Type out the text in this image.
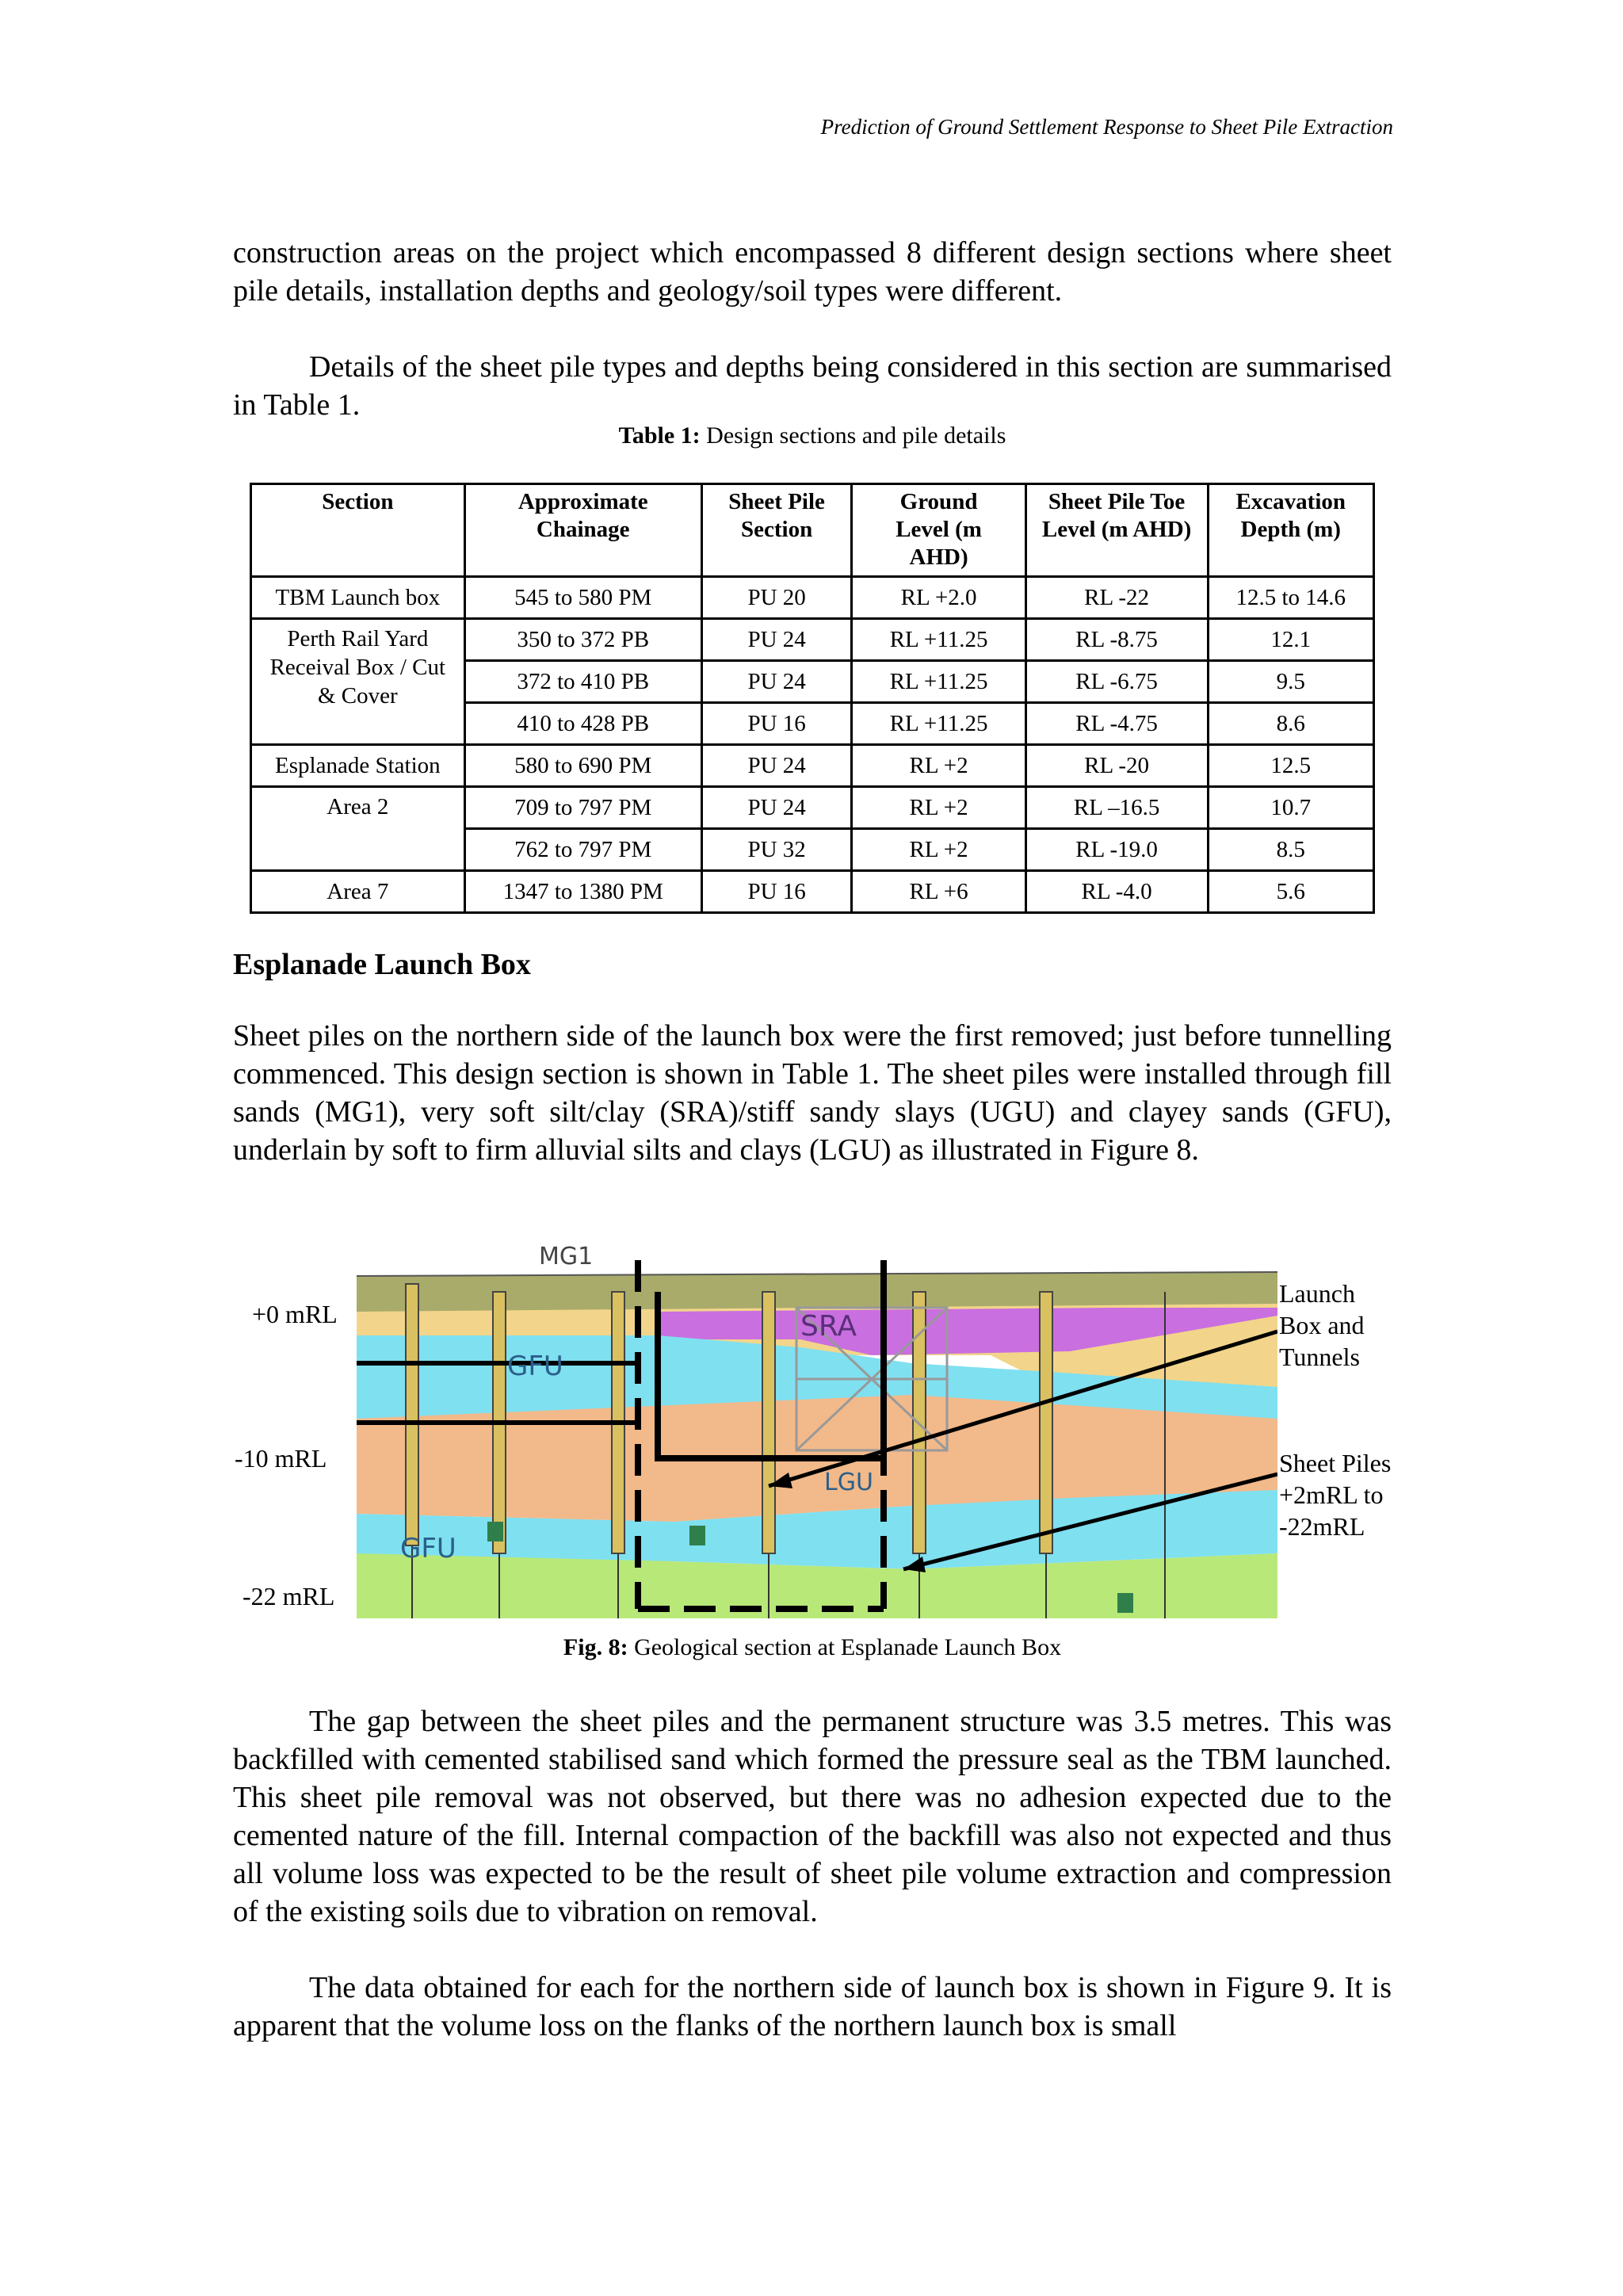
Prediction of Ground Settlement Response to Sheet Pile Extraction

construction areas on the project which encompassed 8 different design sections where sheet pile details, installation depths and geology/soil types were different.

Details of the sheet pile types and depths being considered in this section are summarised in Table 1.

Table 1: Design sections and pile details
Section	Approximate Chainage	Sheet Pile Section	Ground Level (m AHD)	Sheet Pile Toe Level (m AHD)	Excavation Depth (m)
TBM Launch box	545 to 580 PM	PU 20	RL +2.0	RL -22	12.5 to 14.6
Perth Rail Yard Receival Box / Cut & Cover	350 to 372 PB	PU 24	RL +11.25	RL -8.75	12.1
	372 to 410 PB	PU 24	RL +11.25	RL -6.75	9.5
	410 to 428 PB	PU 16	RL +11.25	RL -4.75	8.6
Esplanade Station	580 to 690 PM	PU 24	RL +2	RL -20	12.5
Area 2	709 to 797 PM	PU 24	RL +2	RL –16.5	10.7
	762 to 797 PM	PU 32	RL +2	RL -19.0	8.5
Area 7	1347 to 1380 PM	PU 16	RL +6	RL -4.0	5.6
Esplanade Launch Box

Sheet piles on the northern side of the launch box were the first removed; just before tunnelling commenced. This design section is shown in Table 1. The sheet piles were installed through fill sands (MG1), very soft silt/clay (SRA)/stiff sandy slays (UGU) and clayey sands (GFU), underlain by soft to firm alluvial silts and clays (LGU) as illustrated in Figure 8.

+0 mRL
-10 mRL
-22 mRL
MG1
SRA
GFU
GFU
LGU
Launch
Box and
Tunnels
Sheet Piles
+2mRL to
-22mRL
Fig. 8: Geological section at Esplanade Launch Box

The gap between the sheet piles and the permanent structure was 3.5 metres. This was backfilled with cemented stabilised sand which formed the pressure seal as the TBM launched. This sheet pile removal was not observed, but there was no adhesion expected due to the cemented nature of the fill. Internal compaction of the backfill was also not expected and thus all volume loss was expected to be the result of sheet pile volume extraction and compression of the existing soils due to vibration on removal.

The data obtained for each for the northern side of launch box is shown in Figure 9. It is apparent that the volume loss on the flanks of the northern launch box is small
